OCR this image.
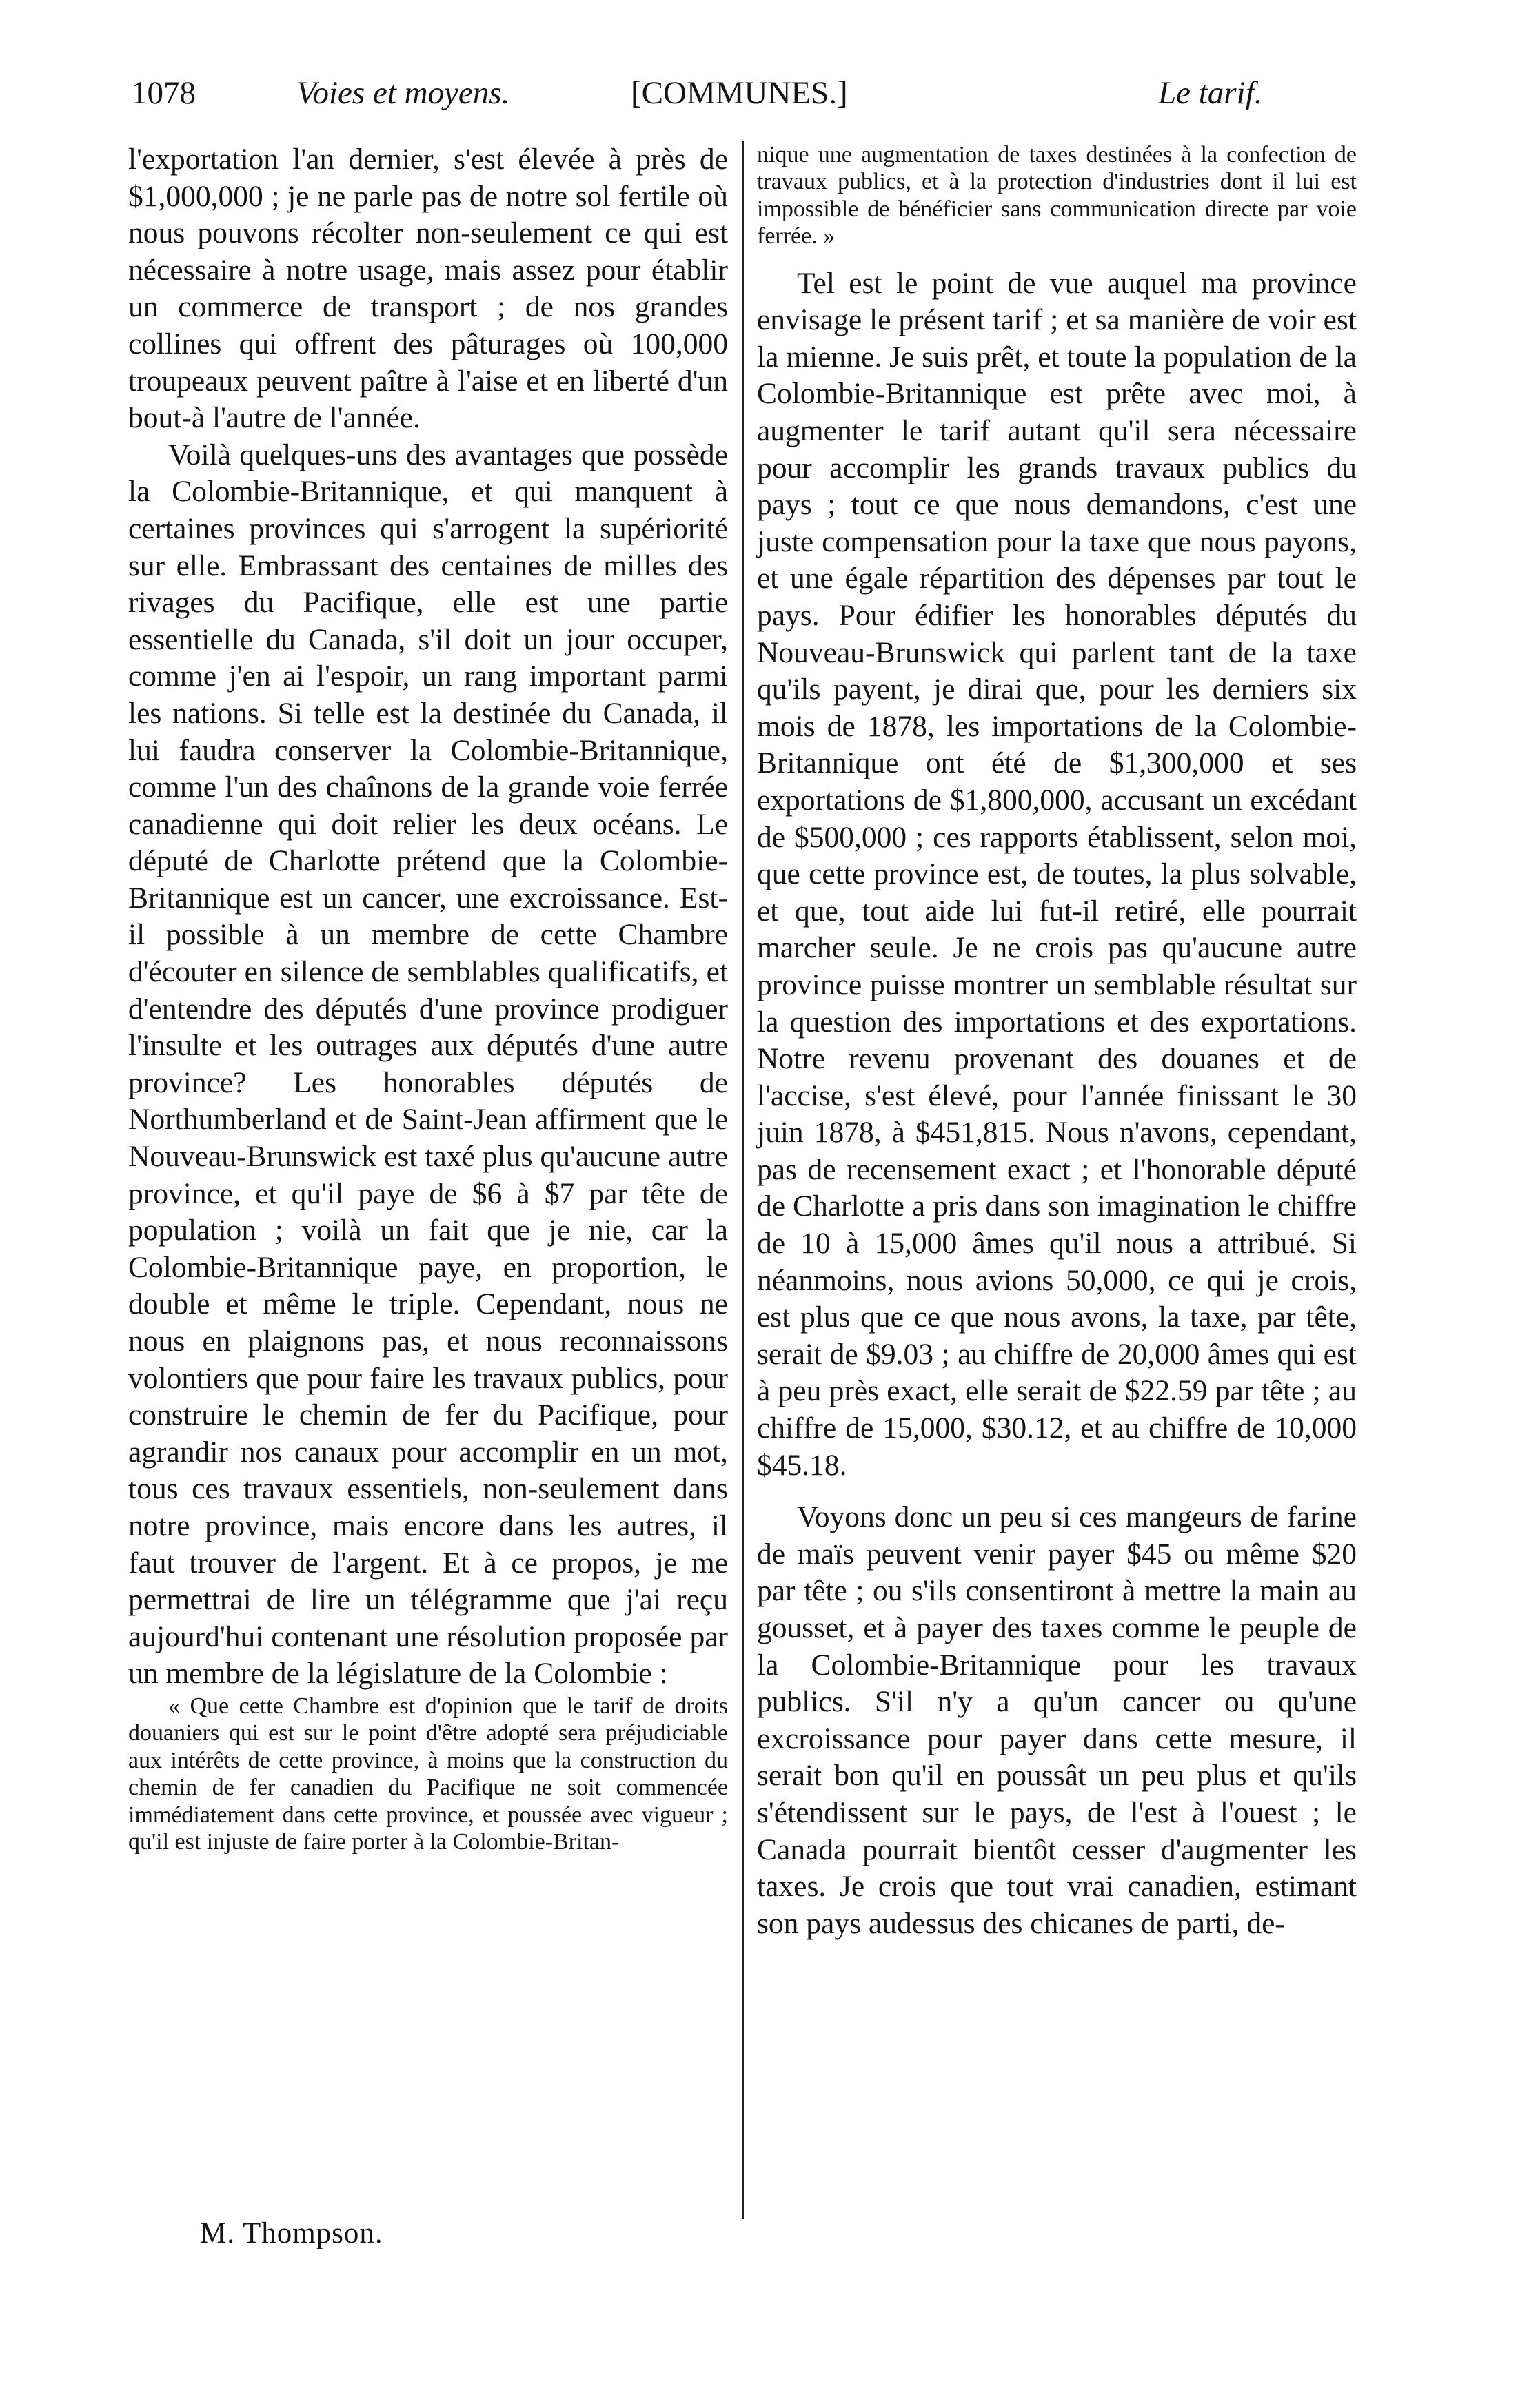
1078	Voies et moyens.	[COMMUNES.]	Le tarif.

l'exportation l'an dernier, s'est élevée à près de $1,000,000 ; je ne parle pas de notre sol fertile où nous pouvons récolter non-seulement ce qui est nécessaire à notre usage, mais assez pour établir un commerce de transport ; de nos grandes collines qui offrent des pâturages où 100,000 troupeaux peuvent paître à l'aise et en liberté d'un bout-à l'autre de l'année.

Voilà quelques-uns des avantages que possède la Colombie-Britannique, et qui manquent à certaines provinces qui s'arrogent la supériorité sur elle. Embrassant des centaines de milles des rivages du Pacifique, elle est une partie essentielle du Canada, s'il doit un jour occuper, comme j'en ai l'espoir, un rang important parmi les nations. Si telle est la destinée du Canada, il lui faudra conserver la Colombie-Britannique, comme l'un des chaînons de la grande voie ferrée canadienne qui doit relier les deux océans. Le député de Charlotte prétend que la Colombie-Britannique est un cancer, une excroissance. Est-il possible à un membre de cette Chambre d'écouter en silence de semblables qualificatifs, et d'entendre des députés d'une province prodiguer l'insulte et les outrages aux députés d'une autre province? Les honorables députés de Northumberland et de Saint-Jean affirment que le Nouveau-Brunswick est taxé plus qu'aucune autre province, et qu'il paye de $6 à $7 par tête de population ; voilà un fait que je nie, car la Colombie-Britannique paye, en proportion, le double et même le triple. Cependant, nous ne nous en plaignons pas, et nous reconnaissons volontiers que pour faire les travaux publics, pour construire le chemin de fer du Pacifique, pour agrandir nos canaux pour accomplir en un mot, tous ces travaux essentiels, non-seulement dans notre province, mais encore dans les autres, il faut trouver de l'argent. Et à ce propos, je me permettrai de lire un télégramme que j'ai reçu aujourd'hui contenant une résolution proposée par un membre de la législature de la Colombie :

« Que cette Chambre est d'opinion que le tarif de droits douaniers qui est sur le point d'être adopté sera préjudiciable aux intérêts de cette province, à moins que la construction du chemin de fer canadien du Pacifique ne soit commencée immédiatement dans cette province, et poussée avec vigueur ; qu'il est injuste de faire porter à la Colombie-Britan-

nique une augmentation de taxes destinées à la confection de travaux publics, et à la protection d'industries dont il lui est impossible de bénéficier sans communication directe par voie ferrée. »

Tel est le point de vue auquel ma province envisage le présent tarif ; et sa manière de voir est la mienne. Je suis prêt, et toute la population de la Colombie-Britannique est prête avec moi, à augmenter le tarif autant qu'il sera nécessaire pour accomplir les grands travaux publics du pays ; tout ce que nous demandons, c'est une juste compensation pour la taxe que nous payons, et une égale répartition des dépenses par tout le pays. Pour édifier les honorables députés du Nouveau-Brunswick qui parlent tant de la taxe qu'ils payent, je dirai que, pour les derniers six mois de 1878, les importations de la Colombie-Britannique ont été de $1,300,000 et ses exportations de $1,800,000, accusant un excédant de $500,000 ; ces rapports établissent, selon moi, que cette province est, de toutes, la plus solvable, et que, tout aide lui fut-il retiré, elle pourrait marcher seule. Je ne crois pas qu'aucune autre province puisse montrer un semblable résultat sur la question des importations et des exportations. Notre revenu provenant des douanes et de l'accise, s'est élevé, pour l'année finissant le 30 juin 1878, à $451,815. Nous n'avons, cependant, pas de recensement exact ; et l'honorable député de Charlotte a pris dans son imagination le chiffre de 10 à 15,000 âmes qu'il nous a attribué. Si néanmoins, nous avions 50,000, ce qui je crois, est plus que ce que nous avons, la taxe, par tête, serait de $9.03 ; au chiffre de 20,000 âmes qui est à peu près exact, elle serait de $22.59 par tête ; au chiffre de 15,000, $30.12, et au chiffre de 10,000 $45.18.

Voyons donc un peu si ces mangeurs de farine de maïs peuvent venir payer $45 ou même $20 par tête ; ou s'ils consentiront à mettre la main au gousset, et à payer des taxes comme le peuple de la Colombie-Britannique pour les travaux publics. S'il n'y a qu'un cancer ou qu'une excroissance pour payer dans cette mesure, il serait bon qu'il en poussât un peu plus et qu'ils s'étendissent sur le pays, de l'est à l'ouest ; le Canada pourrait bientôt cesser d'augmenter les taxes. Je crois que tout vrai canadien, estimant son pays audessus des chicanes de parti, de-

M. Thompson.
